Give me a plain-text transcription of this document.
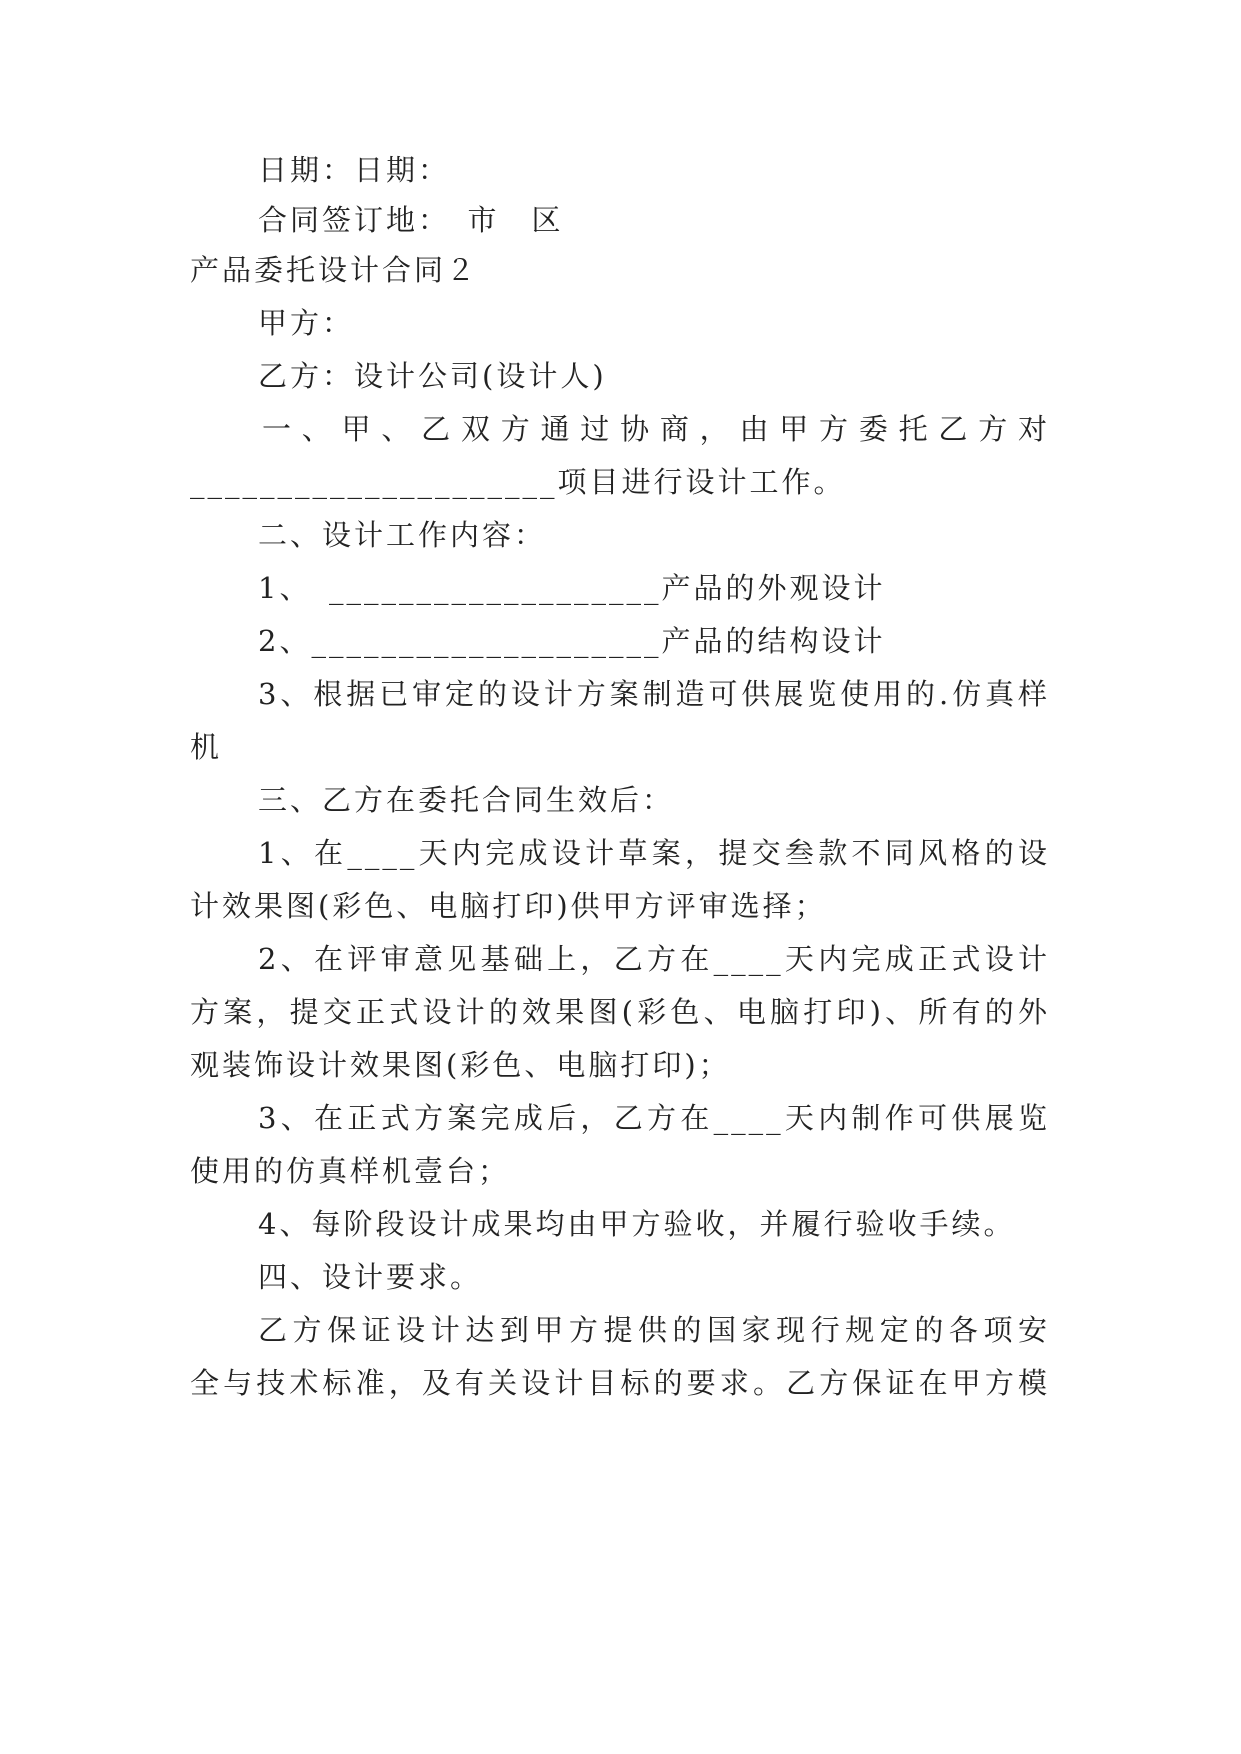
日期：日期：
合同签订地：　市　区
产品委托设计合同２
甲方：
乙方：设计公司(设计人)
一、甲、乙双方通过协商，由甲方委托乙方对
_____________________项目进行设计工作。
二、设计工作内容：
1、　___________________产品的外观设计
2、____________________产品的结构设计
3、根据已审定的设计方案制造可供展览使用的.仿真样
机
三、乙方在委托合同生效后：
1、在____天内完成设计草案，提交叁款不同风格的设
计效果图(彩色、电脑打印)供甲方评审选择；
2、在评审意见基础上，乙方在____天内完成正式设计
方案，提交正式设计的效果图(彩色、电脑打印)、所有的外
观装饰设计效果图(彩色、电脑打印)；
3、在正式方案完成后，乙方在____天内制作可供展览
使用的仿真样机壹台；
4、每阶段设计成果均由甲方验收，并履行验收手续。
四、设计要求。
乙方保证设计达到甲方提供的国家现行规定的各项安
全与技术标准，及有关设计目标的要求。乙方保证在甲方模
